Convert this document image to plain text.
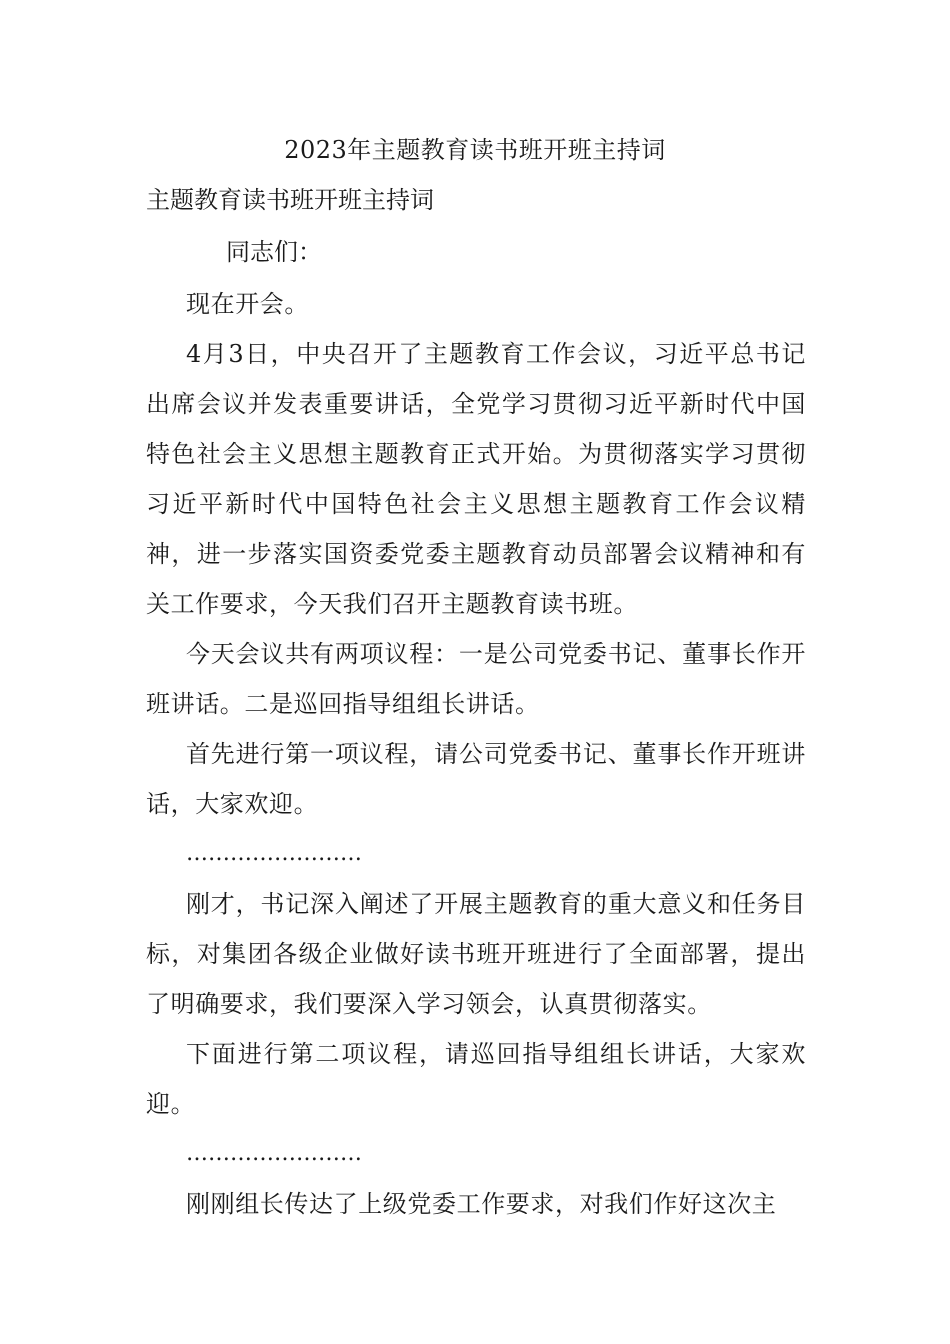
2023年主题教育读书班开班主持词
主题教育读书班开班主持词
同志们：

现在开会。

4月3日，中央召开了主题教育工作会议，习近平总书记出席会议并发表重要讲话，全党学习贯彻习近平新时代中国特色社会主义思想主题教育正式开始。为贯彻落实学习贯彻习近平新时代中国特色社会主义思想主题教育工作会议精神，进一步落实国资委党委主题教育动员部署会议精神和有关工作要求，今天我们召开主题教育读书班。

今天会议共有两项议程：一是公司党委书记、董事长作开班讲话。二是巡回指导组组长讲话。

首先进行第一项议程，请公司党委书记、董事长作开班讲话，大家欢迎。

……………………

刚才，书记深入阐述了开展主题教育的重大意义和任务目标，对集团各级企业做好读书班开班进行了全面部署，提出了明确要求，我们要深入学习领会，认真贯彻落实。

下面进行第二项议程，请巡回指导组组长讲话，大家欢迎。

……………………

刚刚组长传达了上级党委工作要求，对我们作好这次主
